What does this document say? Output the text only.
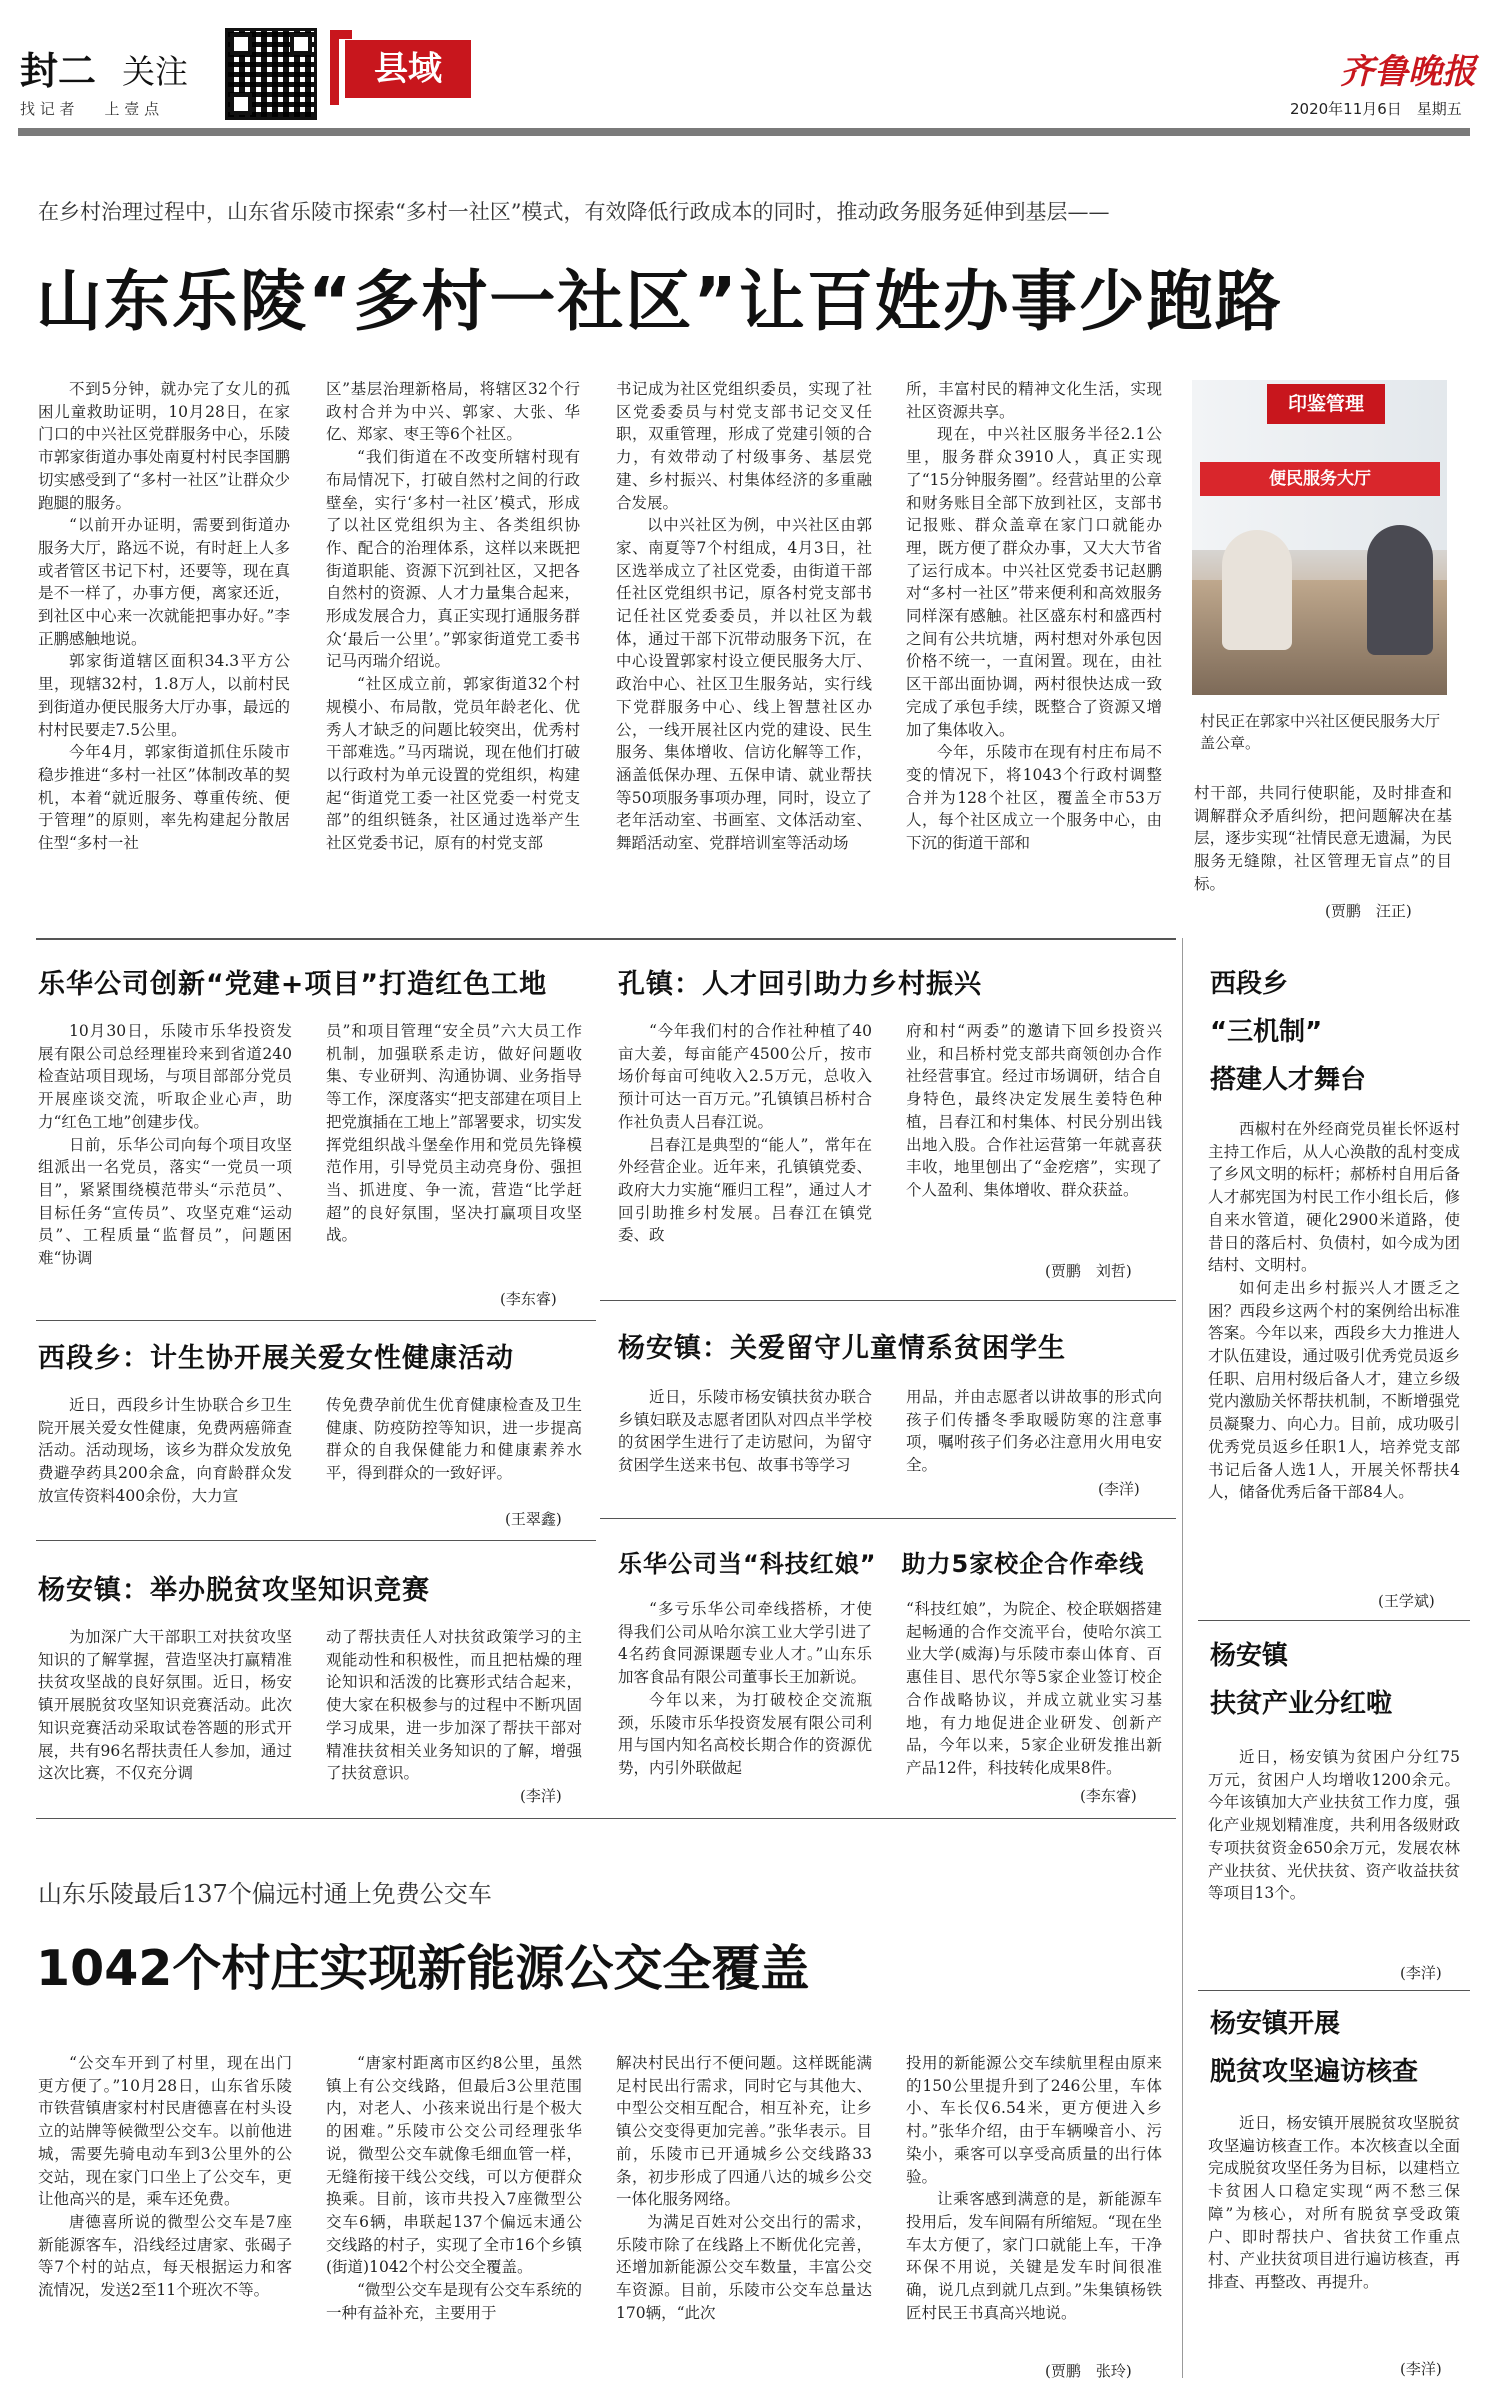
封二 关注
找 记 者　　上 壹 点
县域	齐鲁晚报
2020年11月6日　星期五
在乡村治理过程中，山东省乐陵市探索“多村一社区”模式，有效降低行政成本的同时，推动政务服务延伸到基层——
山东乐陵“多村一社区”让百姓办事少跑路

不到5分钟，就办完了女儿的孤困儿童救助证明，10月28日，在家门口的中兴社区党群服务中心，乐陵市郭家街道办事处南夏村村民李国鹏切实感受到了“多村一社区”让群众少跑腿的服务。

“以前开办证明，需要到街道办服务大厅，路远不说，有时赶上人多或者管区书记下村，还要等，现在真是不一样了，办事方便，离家还近，到社区中心来一次就能把事办好。”李正鹏感触地说。

郭家街道辖区面积34.3平方公里，现辖32村，1.8万人，以前村民到街道办便民服务大厅办事，最远的村村民要走7.5公里。

今年4月，郭家街道抓住乐陵市稳步推进“多村一社区”体制改革的契机，本着“就近服务、尊重传统、便于管理”的原则，率先构建起分散居住型“多村一社

区”基层治理新格局，将辖区32个行政村合并为中兴、郭家、大张、华亿、郑家、枣王等6个社区。

“我们街道在不改变所辖村现有布局情况下，打破自然村之间的行政壁垒，实行‘多村一社区’模式，形成了以社区党组织为主、各类组织协作、配合的治理体系，这样以来既把街道职能、资源下沉到社区，又把各自然村的资源、人才力量集合起来，形成发展合力，真正实现打通服务群众‘最后一公里’。”郭家街道党工委书记马丙瑞介绍说。

“社区成立前，郭家街道32个村规模小、布局散，党员年龄老化、优秀人才缺乏的问题比较突出，优秀村干部难选。”马丙瑞说，现在他们打破以行政村为单元设置的党组织，构建起“街道党工委一社区党委一村党支部”的组织链条，社区通过选举产生社区党委书记，原有的村党支部

书记成为社区党组织委员，实现了社区党委委员与村党支部书记交叉任职，双重管理，形成了党建引领的合力，有效带动了村级事务、基层党建、乡村振兴、村集体经济的多重融合发展。

以中兴社区为例，中兴社区由郭家、南夏等7个村组成，4月3日，社区选举成立了社区党委，由街道干部任社区党组织书记，原各村党支部书记任社区党委委员，并以社区为载体，通过干部下沉带动服务下沉，在中心设置郭家村设立便民服务大厅、政治中心、社区卫生服务站，实行线下党群服务中心、线上智慧社区办公，一线开展社区内党的建设、民生服务、集体增收、信访化解等工作，涵盖低保办理、五保申请、就业帮扶等50项服务事项办理，同时，设立了老年活动室、书画室、文体活动室、舞蹈活动室、党群培训室等活动场

所，丰富村民的精神文化生活，实现社区资源共享。

现在，中兴社区服务半径2.1公里，服务群众3910人，真正实现了“15分钟服务圈”。经营站里的公章和财务账目全部下放到社区，支部书记报账、群众盖章在家门口就能办理，既方便了群众办事，又大大节省了运行成本。中兴社区党委书记赵鹏对“多村一社区”带来便利和高效服务同样深有感触。社区盛东村和盛西村之间有公共坑塘，两村想对外承包因价格不统一，一直闲置。现在，由社区干部出面协调，两村很快达成一致完成了承包手续，既整合了资源又增加了集体收入。

今年，乐陵市在现有村庄布局不变的情况下，将1043个行政村调整合并为128个社区，覆盖全市53万人，每个社区成立一个服务中心，由下沉的街道干部和

印鉴管理
便民服务大厅
村民正在郭家中兴社区便民服务大厅盖公章。

村干部，共同行使职能，及时排查和调解群众矛盾纠纷，把问题解决在基层，逐步实现“社情民意无遗漏，为民服务无缝隙，社区管理无盲点”的目标。

(贾鹏　汪正)
乐华公司创新“党建+项目”打造红色工地

10月30日，乐陵市乐华投资发展有限公司总经理崔玲来到省道240检查站项目现场，与项目部部分党员开展座谈交流，听取企业心声，助力“红色工地”创建步伐。

日前，乐华公司向每个项目攻坚组派出一名党员，落实“一党员一项目”，紧紧围绕模范带头“示范员”、目标任务“宣传员”、攻坚克难“运动员”、工程质量“监督员”，问题困难“协调

员”和项目管理“安全员”六大员工作机制，加强联系走访，做好问题收集、专业研判、沟通协调、业务指导等工作，深度落实“把支部建在项目上把党旗插在工地上”部署要求，切实发挥党组织战斗堡垒作用和党员先锋模范作用，引导党员主动亮身份、强担当、抓进度、争一流，营造“比学赶超”的良好氛围，坚决打赢项目攻坚战。

(李东睿)
孔镇：人才回引助力乡村振兴

“今年我们村的合作社种植了40亩大姜，每亩能产4500公斤，按市场价每亩可纯收入2.5万元，总收入预计可达一百万元。”孔镇镇吕桥村合作社负责人吕春江说。

吕春江是典型的“能人”，常年在外经营企业。近年来，孔镇镇党委、政府大力实施“雁归工程”，通过人才回引助推乡村发展。吕春江在镇党委、政

府和村“两委”的邀请下回乡投资兴业，和吕桥村党支部共商领创办合作社经营事宜。经过市场调研，结合自身特色，最终决定发展生姜特色种植，吕春江和村集体、村民分别出钱出地入股。合作社运营第一年就喜获丰收，地里刨出了“金疙瘩”，实现了个人盈利、集体增收、群众获益。

(贾鹏　刘哲)
西段乡：计生协开展关爱女性健康活动

近日，西段乡计生协联合乡卫生院开展关爱女性健康，免费两癌筛查活动。活动现场，该乡为群众发放免费避孕药具200余盒，向育龄群众发放宣传资料400余份，大力宣

传免费孕前优生优育健康检查及卫生健康、防疫防控等知识，进一步提高群众的自我保健能力和健康素养水平，得到群众的一致好评。

(王翠鑫)
杨安镇：关爱留守儿童情系贫困学生

近日，乐陵市杨安镇扶贫办联合乡镇妇联及志愿者团队对四点半学校的贫困学生进行了走访慰问，为留守贫困学生送来书包、故事书等学习

用品，并由志愿者以讲故事的形式向孩子们传播冬季取暖防寒的注意事项，嘱咐孩子们务必注意用火用电安全。

(李洋)
杨安镇：举办脱贫攻坚知识竞赛

为加深广大干部职工对扶贫攻坚知识的了解掌握，营造坚决打赢精准扶贫攻坚战的良好氛围。近日，杨安镇开展脱贫攻坚知识竞赛活动。此次知识竞赛活动采取试卷答题的形式开展，共有96名帮扶责任人参加，通过这次比赛，不仅充分调

动了帮扶责任人对扶贫政策学习的主观能动性和积极性，而且把枯燥的理论知识和活泼的比赛形式结合起来，使大家在积极参与的过程中不断巩固学习成果，进一步加深了帮扶干部对精准扶贫相关业务知识的了解，增强了扶贫意识。

(李洋)
乐华公司当“科技红娘”　助力5家校企合作牵线

“多亏乐华公司牵线搭桥，才使得我们公司从哈尔滨工业大学引进了4名药食同源课题专业人才。”山东乐加客食品有限公司董事长王加新说。

今年以来，为打破校企交流瓶颈，乐陵市乐华投资发展有限公司利用与国内知名高校长期合作的资源优势，内引外联做起

“科技红娘”，为院企、校企联姻搭建起畅通的合作交流平台，使哈尔滨工业大学(威海)与乐陵市泰山体育、百惠佳目、思代尔等5家企业签订校企合作战略协议，并成立就业实习基地，有力地促进企业研发、创新产品，今年以来，5家企业研发推出新产品12件，科技转化成果8件。

(李东睿)
西段乡
“三机制”
搭建人才舞台

西椒村在外经商党员崔长怀返村主持工作后，从人心涣散的乱村变成了乡风文明的标杆；郝桥村自用后备人才郝宪国为村民工作小组长后，修自来水管道，硬化2900米道路，使昔日的落后村、负债村，如今成为团结村、文明村。

如何走出乡村振兴人才匮乏之困？西段乡这两个村的案例给出标准答案。今年以来，西段乡大力推进人才队伍建设，通过吸引优秀党员返乡任职、启用村级后备人才，建立乡级党内激励关怀帮扶机制，不断增强党员凝聚力、向心力。目前，成功吸引优秀党员返乡任职1人，培养党支部书记后备人选1人，开展关怀帮扶4人，储备优秀后备干部84人。

(王学斌)
杨安镇
扶贫产业分红啦

近日，杨安镇为贫困户分红75万元，贫困户人均增收1200余元。今年该镇加大产业扶贫工作力度，强化产业规划精准度，共利用各级财政专项扶贫资金650余万元，发展农林产业扶贫、光伏扶贫、资产收益扶贫等项目13个。

(李洋)
杨安镇开展
脱贫攻坚遍访核查

近日，杨安镇开展脱贫攻坚脱贫攻坚遍访核查工作。本次核查以全面完成脱贫攻坚任务为目标，以建档立卡贫困人口稳定实现“两不愁三保障”为核心，对所有脱贫享受政策户、即时帮扶户、省扶贫工作重点村、产业扶贫项目进行遍访核查，再排查、再整改、再提升。

(李洋)
山东乐陵最后137个偏远村通上免费公交车
1042个村庄实现新能源公交全覆盖

“公交车开到了村里，现在出门更方便了。”10月28日，山东省乐陵市铁营镇唐家村村民唐德喜在村头设立的站牌等候微型公交车。以前他进城，需要先骑电动车到3公里外的公交站，现在家门口坐上了公交车，更让他高兴的是，乘车还免费。

唐德喜所说的微型公交车是7座新能源客车，沿线经过唐家、张碣子等7个村的站点，每天根据运力和客流情况，发送2至11个班次不等。

“唐家村距离市区约8公里，虽然镇上有公交线路，但最后3公里范围内，对老人、小孩来说出行是个极大的困难。”乐陵市公交公司经理张华说，微型公交车就像毛细血管一样，无缝衔接干线公交线，可以方便群众换乘。目前，该市共投入7座微型公交车6辆，串联起137个偏远末通公交线路的村子，实现了全市16个乡镇(街道)1042个村公交全覆盖。

“微型公交车是现有公交车系统的一种有益补充，主要用于

解决村民出行不便问题。这样既能满足村民出行需求，同时它与其他大、中型公交相互配合，相互补充，让乡镇公交变得更加完善。”张华表示。目前，乐陵市已开通城乡公交线路33条，初步形成了四通八达的城乡公交一体化服务网络。

为满足百姓对公交出行的需求，乐陵市除了在线路上不断优化完善，还增加新能源公交车数量，丰富公交车资源。目前，乐陵市公交车总量达170辆，“此次

投用的新能源公交车续航里程由原来的150公里提升到了246公里，车体小、车长仅6.54米，更方便进入乡村。”张华介绍，由于车辆噪音小、污染小，乘客可以享受高质量的出行体验。

让乘客感到满意的是，新能源车投用后，发车间隔有所缩短。“现在坐车太方便了，家门口就能上车，干净环保不用说，关键是发车时间很准确，说几点到就几点到。”朱集镇杨铁匠村民王书真高兴地说。

(贾鹏　张玲)
